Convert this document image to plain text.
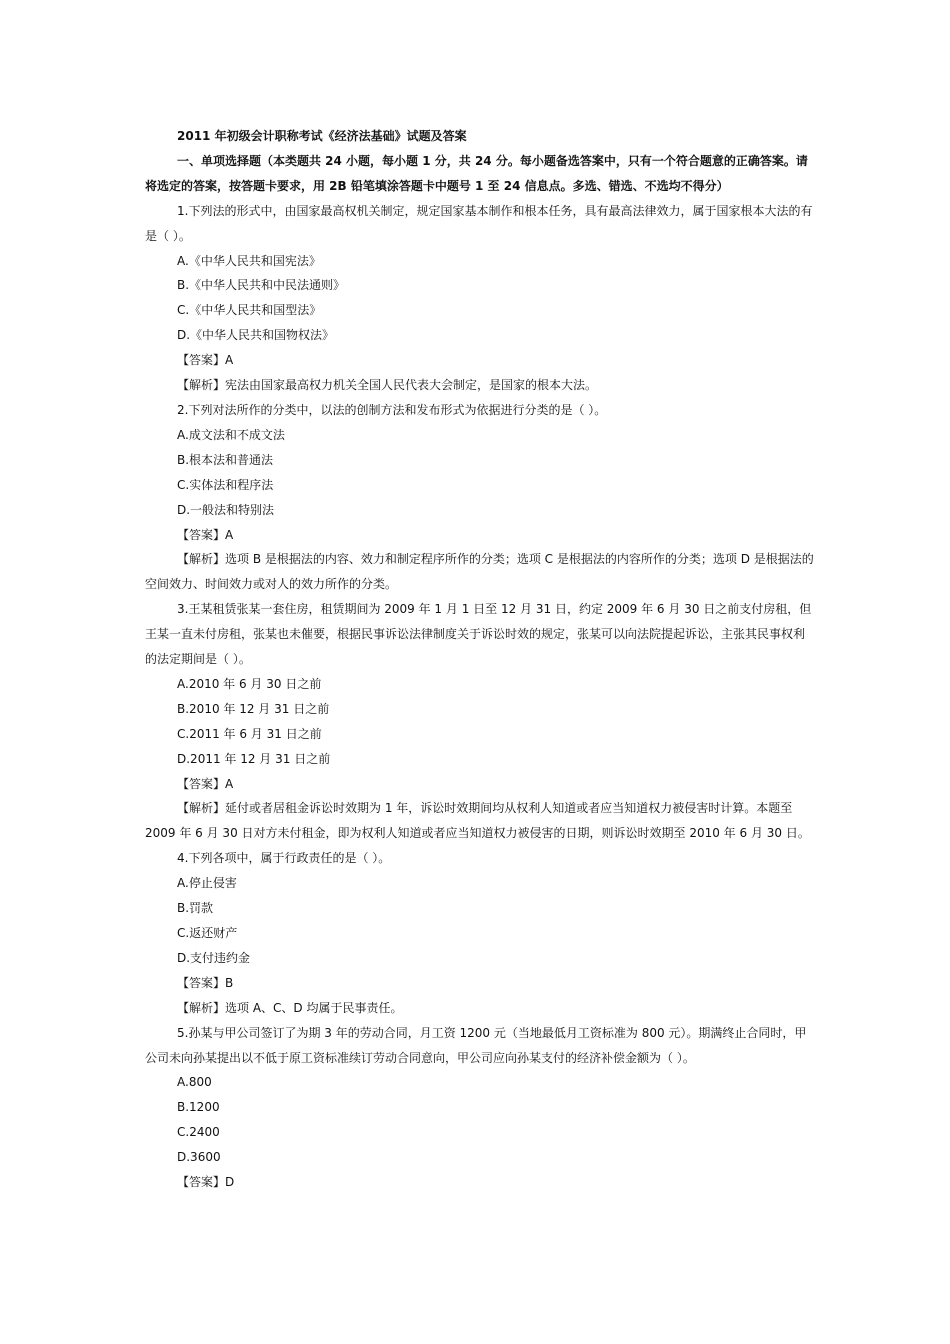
2011 年初级会计职称考试《经济法基础》试题及答案

一、单项选择题（本类题共 24 小题，每小题 1 分，共 24 分。每小题备选答案中，只有一个符合题意的正确答案。请将选定的答案，按答题卡要求，用 2B 铅笔填涂答题卡中题号 1 至 24 信息点。多选、错选、不选均不得分）

1.下列法的形式中，由国家最高权机关制定，规定国家基本制作和根本任务，具有最高法律效力，属于国家根本大法的有是（ ）。

A.《中华人民共和国宪法》

B.《中华人民共和中民法通则》

C.《中华人民共和国型法》

D.《中华人民共和国物权法》

【答案】A

【解析】宪法由国家最高权力机关全国人民代表大会制定，是国家的根本大法。

2.下列对法所作的分类中，以法的创制方法和发布形式为依据进行分类的是（ ）。

A.成文法和不成文法

B.根本法和普通法

C.实体法和程序法

D.一般法和特别法

【答案】A

【解析】选项 B 是根据法的内容、效力和制定程序所作的分类；选项 C 是根据法的内容所作的分类；选项 D 是根据法的空间效力、时间效力或对人的效力所作的分类。

3.王某租赁张某一套住房，租赁期间为 2009 年 1 月 1 日至 12 月 31 日，约定 2009 年 6 月 30 日之前支付房租，但王某一直未付房租，张某也未催要，根据民事诉讼法律制度关于诉讼时效的规定，张某可以向法院提起诉讼，主张其民事权利的法定期间是（ ）。

A.2010 年 6 月 30 日之前

B.2010 年 12 月 31 日之前

C.2011 年 6 月 31 日之前

D.2011 年 12 月 31 日之前

【答案】A

【解析】延付或者居租金诉讼时效期为 1 年，诉讼时效期间均从权利人知道或者应当知道权力被侵害时计算。本题至 2009 年 6 月 30 日对方未付租金，即为权利人知道或者应当知道权力被侵害的日期，则诉讼时效期至 2010 年 6 月 30 日。

4.下列各项中，属于行政责任的是（ ）。

A.停止侵害

B.罚款

C.返还财产

D.支付违约金

【答案】B

【解析】选项 A、C、D 均属于民事责任。

5.孙某与甲公司签订了为期 3 年的劳动合同，月工资 1200 元（当地最低月工资标准为 800 元）。期满终止合同时，甲公司未向孙某提出以不低于原工资标准续订劳动合同意向，甲公司应向孙某支付的经济补偿金额为（ ）。

A.800

B.1200

C.2400

D.3600

【答案】D
